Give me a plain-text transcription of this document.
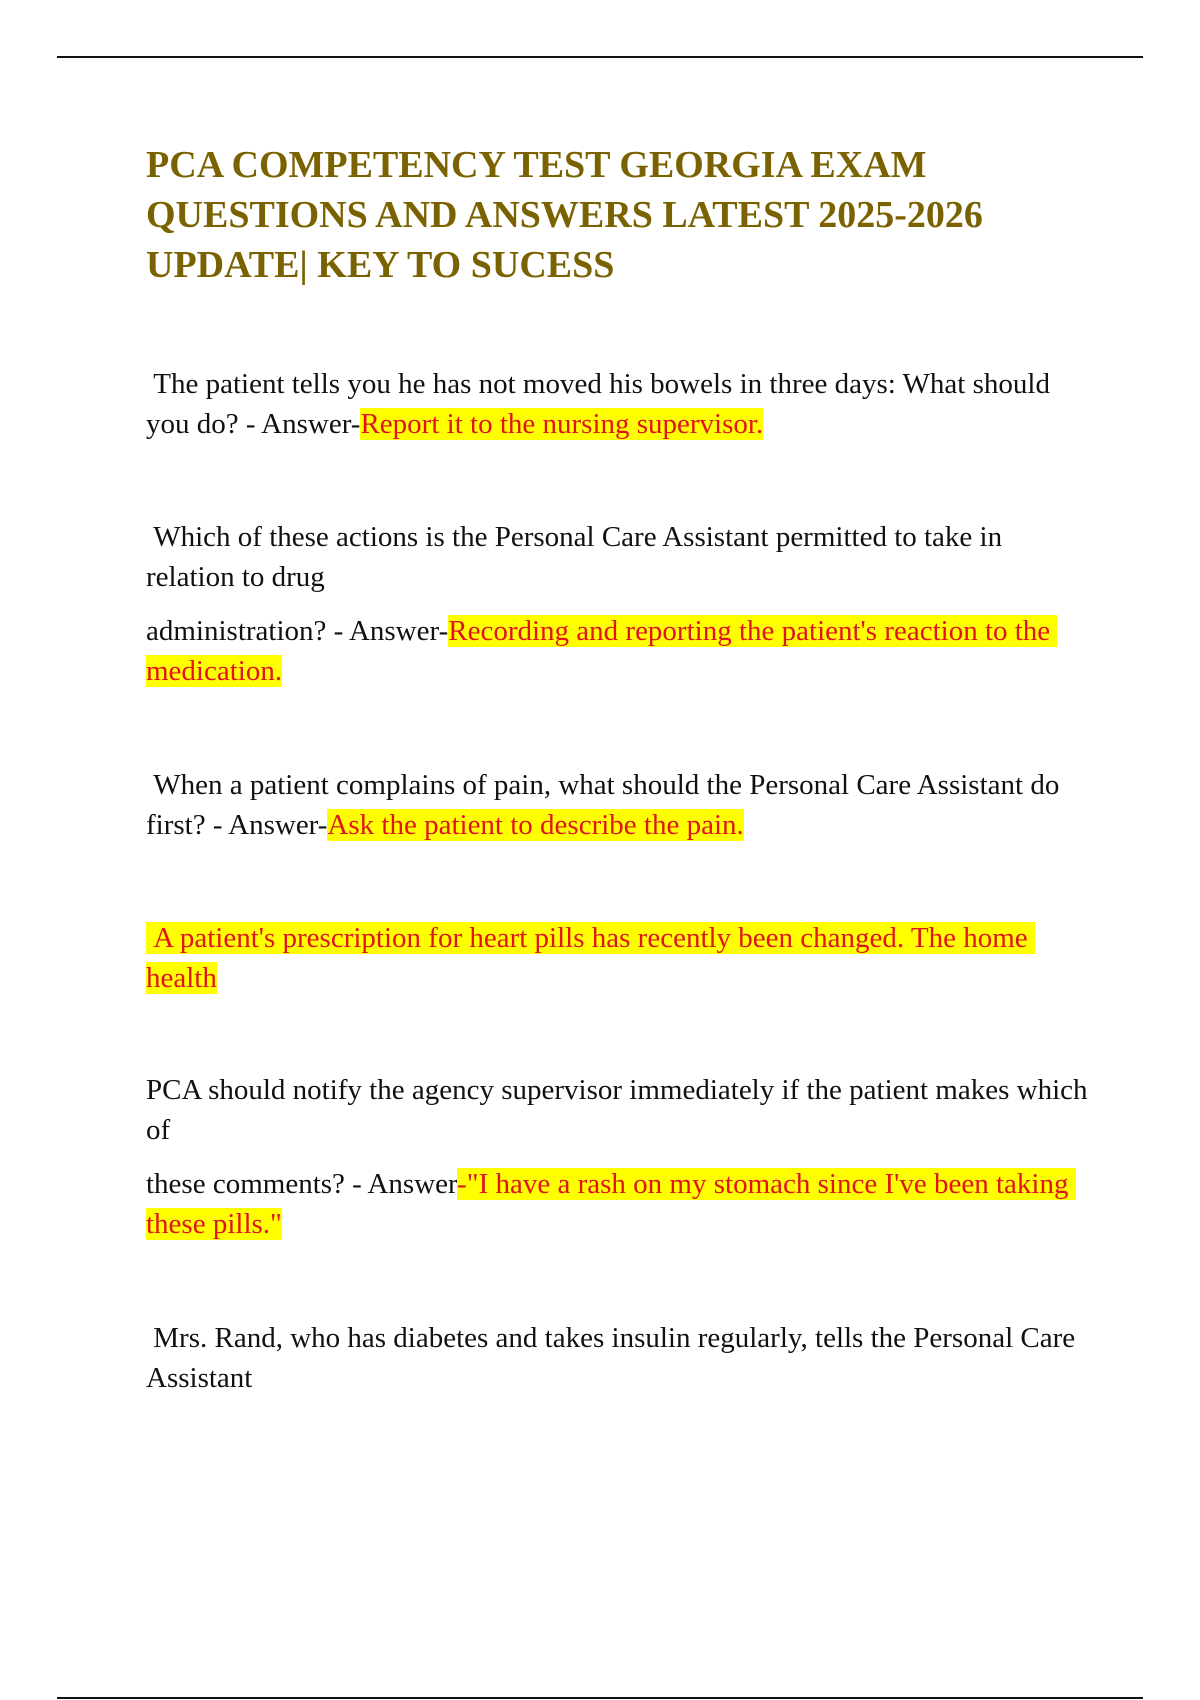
PCA COMPETENCY TEST GEORGIA EXAM QUESTIONS AND ANSWERS LATEST 2025-2026 UPDATE| KEY TO SUCESS

The patient tells you he has not moved his bowels in three days: What should you do? - Answer-Report it to the nursing supervisor.

Which of these actions is the Personal Care Assistant permitted to take in relation to drug

administration? - Answer-Recording and reporting the patient's reaction to the medication.

When a patient complains of pain, what should the Personal Care Assistant do first? - Answer-Ask the patient to describe the pain.

A patient's prescription for heart pills has recently been changed. The home health

PCA should notify the agency supervisor immediately if the patient makes which of

these comments? - Answer-"I have a rash on my stomach since I've been taking these pills."

Mrs. Rand, who has diabetes and takes insulin regularly, tells the Personal Care Assistant
